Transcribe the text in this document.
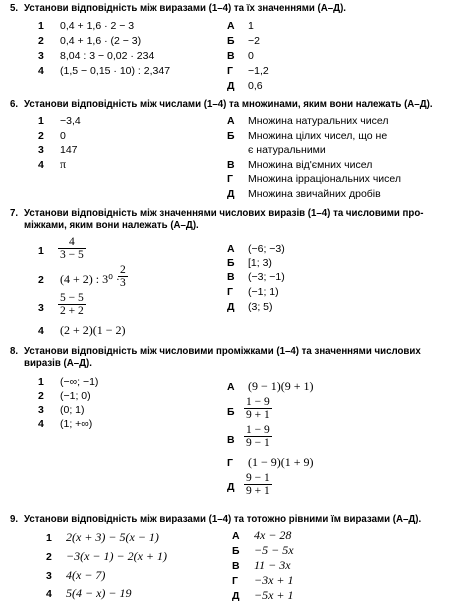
5. Установи відповідність між виразами (1–4) та їх значеннями (А–Д).
1 0,4 + 1,6 · 2 − 3
2 0,4 + 1,6 · (2 − 3)
3 8,04 : 3 − 0,02 · 234
4 (1,5 − 0,15 · 10) : 2,347
А 1
Б −2
В 0
Г −1,2
Д 0,6
6. Установи відповідність між числами (1–4) та множинами, яким вони належать (А–Д).
1 −3,4
2 0
3 147
4 π
А Множина натуральних чисел
Б Множина цілих чисел, що не
є натуральними
В Множина від'ємних чисел
Г Множина ірраціональних чисел
Д Множина звичайних дробів
7. Установи відповідність між значеннями числових виразів (1–4) та числовими про-
міжками, яким вони належать (А–Д).
$1 \frac{4}{3 - 5}$
2 (4 + 2) : 3⁰ ·
$\frac{2}{3}$
$3 \frac{5 - 5}{2 + 2}$
4 (2 + 2)(1 − 2)
А (−6; −3)
Б [1; 3)
В (−3; −1)
Г (−1; 1)
Д (3; 5)
8. Установи відповідність між числовими проміжками (1–4) та значеннями числових
виразів (А–Д).
1 (−∞; −1)
2 (−1; 0)
3 (0; 1)
4 (1; +∞)
А (9 − 1)(9 + 1)
Б $\frac{1 - 9}{9 + 1}$
В $\frac{1 - 9}{9 - 1}$
Г (1 − 9)(1 + 9)
Д $\frac{9 - 1}{9 + 1}$
9. Установи відповідність між виразами (1–4) та тотожно рівними їм виразами (А–Д).
1 2(x + 3) − 5(x − 1)
2 −3(x − 1) − 2(x + 1)
3 4(x − 7)
4 5(4 − x) − 19
А 4x − 28
Б −5 − 5x
В 11 − 3x
Г −3x + 1
Д −5x + 1
